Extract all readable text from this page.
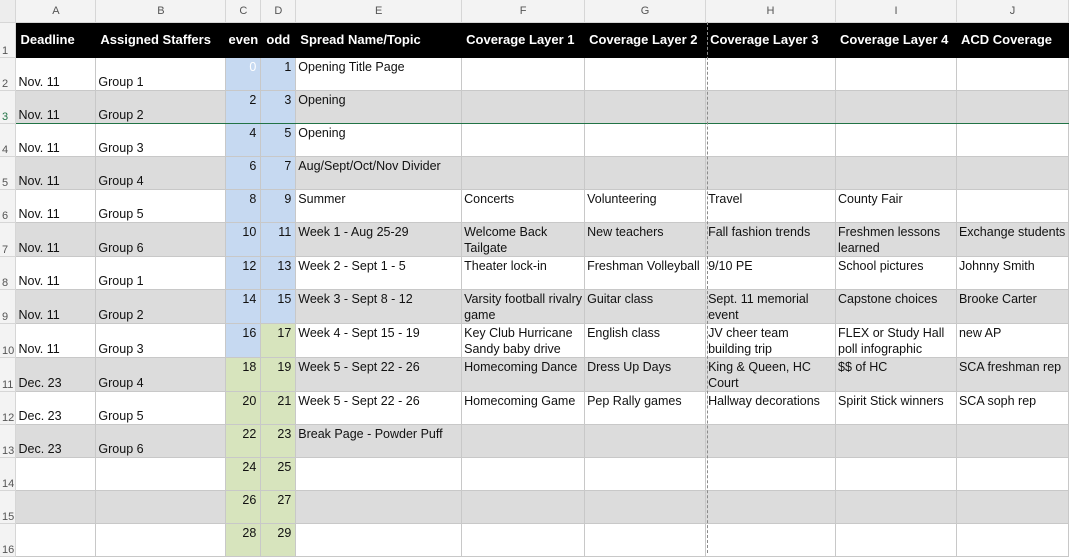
	A	B	C	D	E	F	G	H	I	J
1	Deadline	Assigned Staffers	even	odd	Spread Name/Topic	Coverage Layer 1	Coverage Layer 2	Coverage Layer 3	Coverage Layer 4	ACD Coverage
2	Nov. 11	Group 1	0	1	Opening Title Page					
3	Nov. 11	Group 2	2	3	Opening					
4	Nov. 11	Group 3	4	5	Opening					
5	Nov. 11	Group 4	6	7	Aug/Sept/Oct/Nov Divider					
6	Nov. 11	Group 5	8	9	Summer	Concerts	Volunteering	Travel	County Fair	
7	Nov. 11	Group 6	10	11	Week 1 - Aug 25-29	Welcome Back Tailgate	New teachers	Fall fashion trends	Freshmen lessons learned	Exchange students
8	Nov. 11	Group 1	12	13	Week 2 - Sept 1 - 5	Theater lock-in	Freshman Volleyball	9/10 PE	School pictures	Johnny Smith
9	Nov. 11	Group 2	14	15	Week 3 - Sept 8 - 12	Varsity football rivalry game	Guitar class	Sept. 11 memorial event	Capstone choices	Brooke Carter
10	Nov. 11	Group 3	16	17	Week 4 - Sept 15 - 19	Key Club Hurricane Sandy baby drive	English class	JV cheer team building trip	FLEX or Study Hall poll infographic	new AP
11	Dec. 23	Group 4	18	19	Week 5 - Sept 22 - 26	Homecoming Dance	Dress Up Days	King & Queen, HC Court	$$ of HC	SCA freshman rep
12	Dec. 23	Group 5	20	21	Week 5 - Sept 22 - 26	Homecoming Game	Pep Rally games	Hallway decorations	Spirit Stick winners	SCA soph rep
13	Dec. 23	Group 6	22	23	Break Page - Powder Puff					
14			24	25						
15			26	27						
16			28	29						
